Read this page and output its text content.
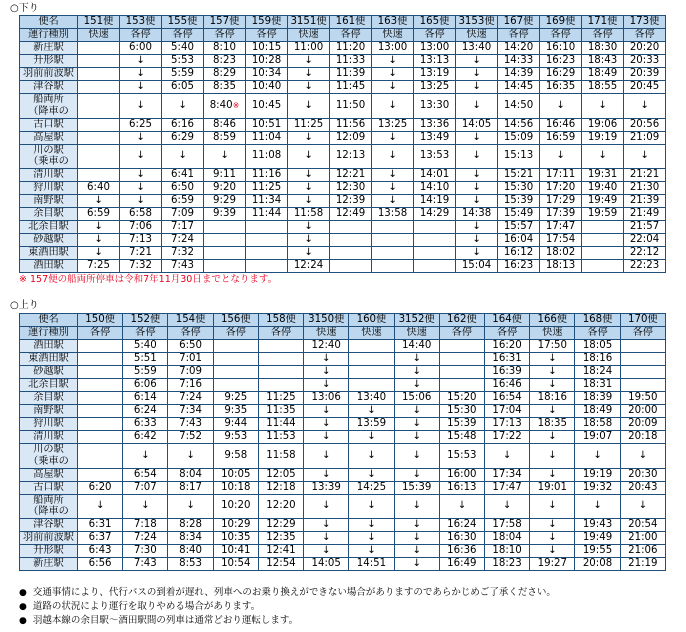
○下り
便名	151便	153便	155便	157便	159便	3151便	161便	163便	165便	3153便	167便	169便	171便	173便
運行種別	快速	各停	各停	各停	各停	快速	各停	快速	各停	快速	各停	各停	各停	各停
新庄駅		6:00	5:40	8:10	10:15	11:00	11:20	13:00	13:00	13:40	14:20	16:10	18:30	20:20
升形駅		↓	5:53	8:23	10:28	↓	11:33	↓	13:13	↓	14:33	16:23	18:43	20:33
羽前前波駅		↓	5:59	8:29	10:34	↓	11:39	↓	13:19	↓	14:39	16:29	18:49	20:39
津谷駅		↓	6:05	8:35	10:40	↓	11:45	↓	13:25	↓	14:45	16:35	18:55	20:45
船両所
（降車の		↓	↓	8:40※	10:45	↓	11:50	↓	13:30	↓	14:50	↓	↓	↓
古口駅		6:25	6:16	8:46	10:51	11:25	11:56	13:25	13:36	14:05	14:56	16:46	19:06	20:56
高屋駅		↓	6:29	8:59	11:04	↓	12:09	↓	13:49	↓	15:09	16:59	19:19	21:09
川の駅
（乗車の		↓	↓	↓	11:08	↓	12:13	↓	13:53	↓	15:13	↓	↓	↓
清川駅		↓	6:41	9:11	11:16	↓	12:21	↓	14:01	↓	15:21	17:11	19:31	21:21
狩川駅	6:40	↓	6:50	9:20	11:25	↓	12:30	↓	14:10	↓	15:30	17:20	19:40	21:30
南野駅	↓	↓	6:59	9:29	11:34	↓	12:39	↓	14:19	↓	15:39	17:29	19:49	21:39
余目駅	6:59	6:58	7:09	9:39	11:44	11:58	12:49	13:58	14:29	14:38	15:49	17:39	19:59	21:49
北余目駅	↓	7:06	7:17			↓				↓	15:57	17:47		21:57
砂越駅	↓	7:13	7:24			↓				↓	16:04	17:54		22:04
東酒田駅	↓	7:21	7:32			↓				↓	16:12	18:02		22:12
酒田駅	7:25	7:32	7:43			12:24				15:04	16:23	18:13		22:23
※ 157便の船両所停車は令和7年11月30日までとなります。
○上り
便名	150便	152便	154便	156便	158便	3150便	160便	3152便	162便	164便	166便	168便	170便
運行種別	各停	各停	各停	各停	各停	快速	快速	快速	各停	各停	快速	各停	各停
酒田駅		5:40	6:50			12:40		14:40		16:20	17:50	18:05	
東酒田駅		5:51	7:01			↓		↓		16:31	↓	18:16	
砂越駅		5:59	7:09			↓		↓		16:39	↓	18:24	
北余目駅		6:06	7:16			↓		↓		16:46	↓	18:31	
余目駅		6:14	7:24	9:25	11:25	13:06	13:40	15:06	15:20	16:54	18:16	18:39	19:50
南野駅		6:24	7:34	9:35	11:35	↓	↓	↓	15:30	17:04	↓	18:49	20:00
狩川駅		6:33	7:43	9:44	11:44	↓	13:59	↓	15:39	17:13	18:35	18:58	20:09
清川駅		6:42	7:52	9:53	11:53	↓	↓	↓	15:48	17:22	↓	19:07	20:18
川の駅
（乗車の		↓	↓	9:58	11:58	↓	↓	↓	15:53	↓	↓	↓	↓
高屋駅		6:54	8:04	10:05	12:05	↓	↓	↓	16:00	17:34	↓	19:19	20:30
古口駅	6:20	7:07	8:17	10:18	12:18	13:39	14:25	15:39	16:13	17:47	19:01	19:32	20:43
船両所
（降車の	↓	↓	↓	10:20	12:20	↓	↓	↓	↓	↓	↓	↓	↓
津谷駅	6:31	7:18	8:28	10:29	12:29	↓	↓	↓	16:24	17:58	↓	19:43	20:54
羽前前波駅	6:37	7:24	8:34	10:35	12:35	↓	↓	↓	16:30	18:04	↓	19:49	21:00
升形駅	6:43	7:30	8:40	10:41	12:41	↓	↓	↓	16:36	18:10	↓	19:55	21:06
新庄駅	6:56	7:43	8:53	10:54	12:54	14:05	14:51	↓	16:49	18:23	19:27	20:08	21:19
● 交通事情により、代行バスの到着が遅れ、列車へのお乗り換えができない場合がありますのであらかじめご了承ください。
● 道路の状況により運行を取りやめる場合があります。
● 羽越本線の余目駅～酒田駅間の列車は通常どおり運転します。
